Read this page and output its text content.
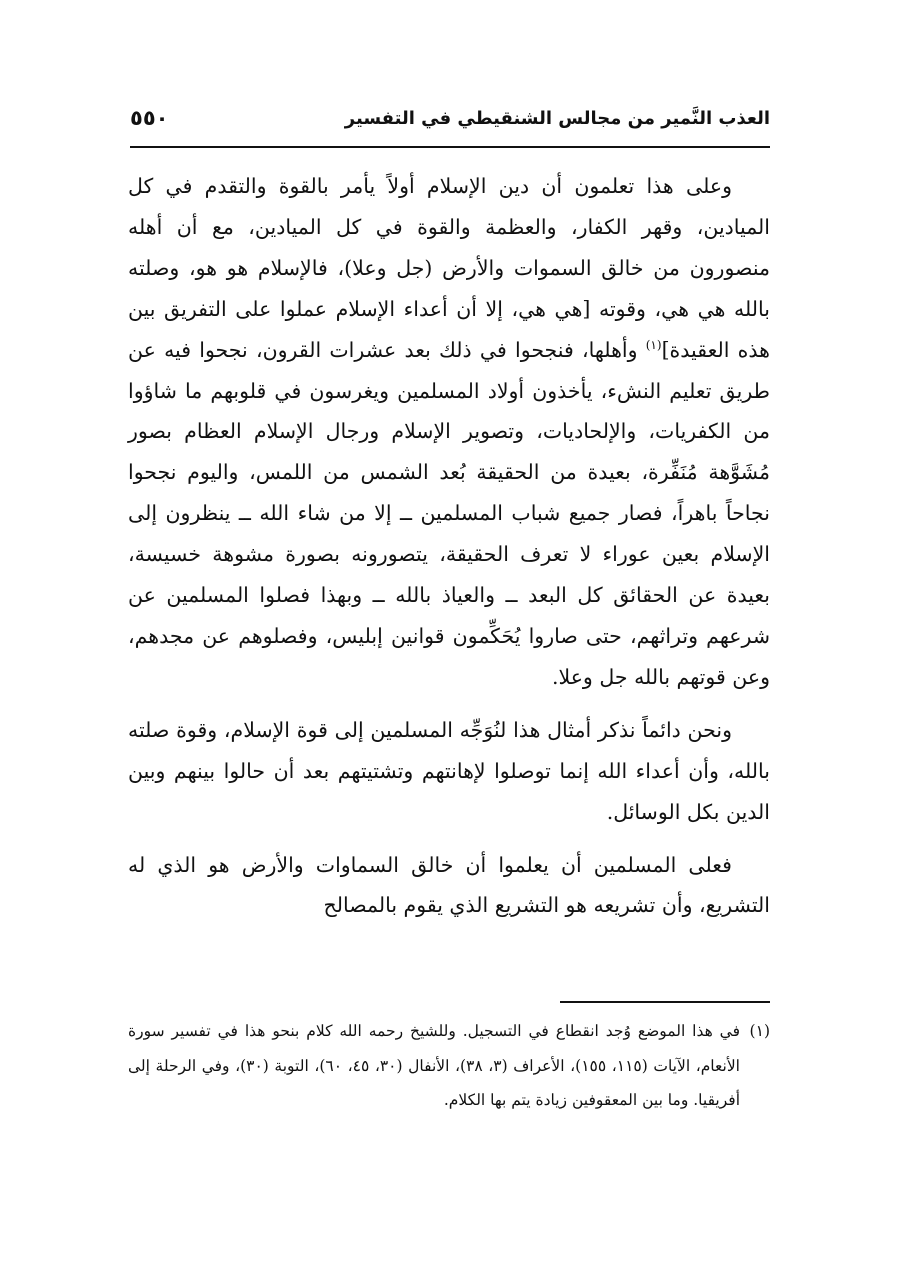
العذب النَّمير من مجالس الشنقيطي في التفسير
٥٥٠

وعلى هذا تعلمون أن دين الإسلام أولاً يأمر بالقوة والتقدم في كل الميادين، وقهر الكفار، والعظمة والقوة في كل الميادين، مع أن أهله منصورون من خالق السموات والأرض (جل وعلا)، فالإسلام هو هو، وصلته بالله هي هي، وقوته [هي هي، إلا أن أعداء الإسلام عملوا على التفريق بين هذه العقيدة]$^{(١)}$ وأهلها، فنجحوا في ذلك بعد عشرات القرون، نجحوا فيه عن طريق تعليم النشء، يأخذون أولاد المسلمين ويغرسون في قلوبهم ما شاؤوا من الكفريات، والإلحاديات، وتصوير الإسلام ورجال الإسلام العظام بصور مُشَوَّهة مُنَفِّرة، بعيدة من الحقيقة بُعد الشمس من اللمس، واليوم نجحوا نجاحاً باهراً، فصار جميع شباب المسلمين ــ إلا من شاء الله ــ ينظرون إلى الإسلام بعين عوراء لا تعرف الحقيقة، يتصورونه بصورة مشوهة خسيسة، بعيدة عن الحقائق كل البعد ــ والعياذ بالله ــ وبهذا فصلوا المسلمين عن شرعهم وتراثهم، حتى صاروا يُحَكِّمون قوانين إبليس، وفصلوهم عن مجدهم، وعن قوتهم بالله جل وعلا.

ونحن دائماً نذكر أمثال هذا لنُوَجِّه المسلمين إلى قوة الإسلام، وقوة صلته بالله، وأن أعداء الله إنما توصلوا لإهانتهم وتشتيتهم بعد أن حالوا بينهم وبين الدين بكل الوسائل.

فعلى المسلمين أن يعلموا أن خالق السماوات والأرض هو الذي له التشريع، وأن تشريعه هو التشريع الذي يقوم بالمصالح

(١)
في هذا الموضع وُجد انقطاع في التسجيل. وللشيخ رحمه الله كلام بنحو هذا في تفسير سورة الأنعام، الآيات (١١٥، ١٥٥)، الأعراف (٣، ٣٨)، الأنفال (٣٠، ٤٥، ٦٠)، التوبة (٣٠)، وفي الرحلة إلى أفريقيا. وما بين المعقوفين زيادة يتم بها الكلام.
